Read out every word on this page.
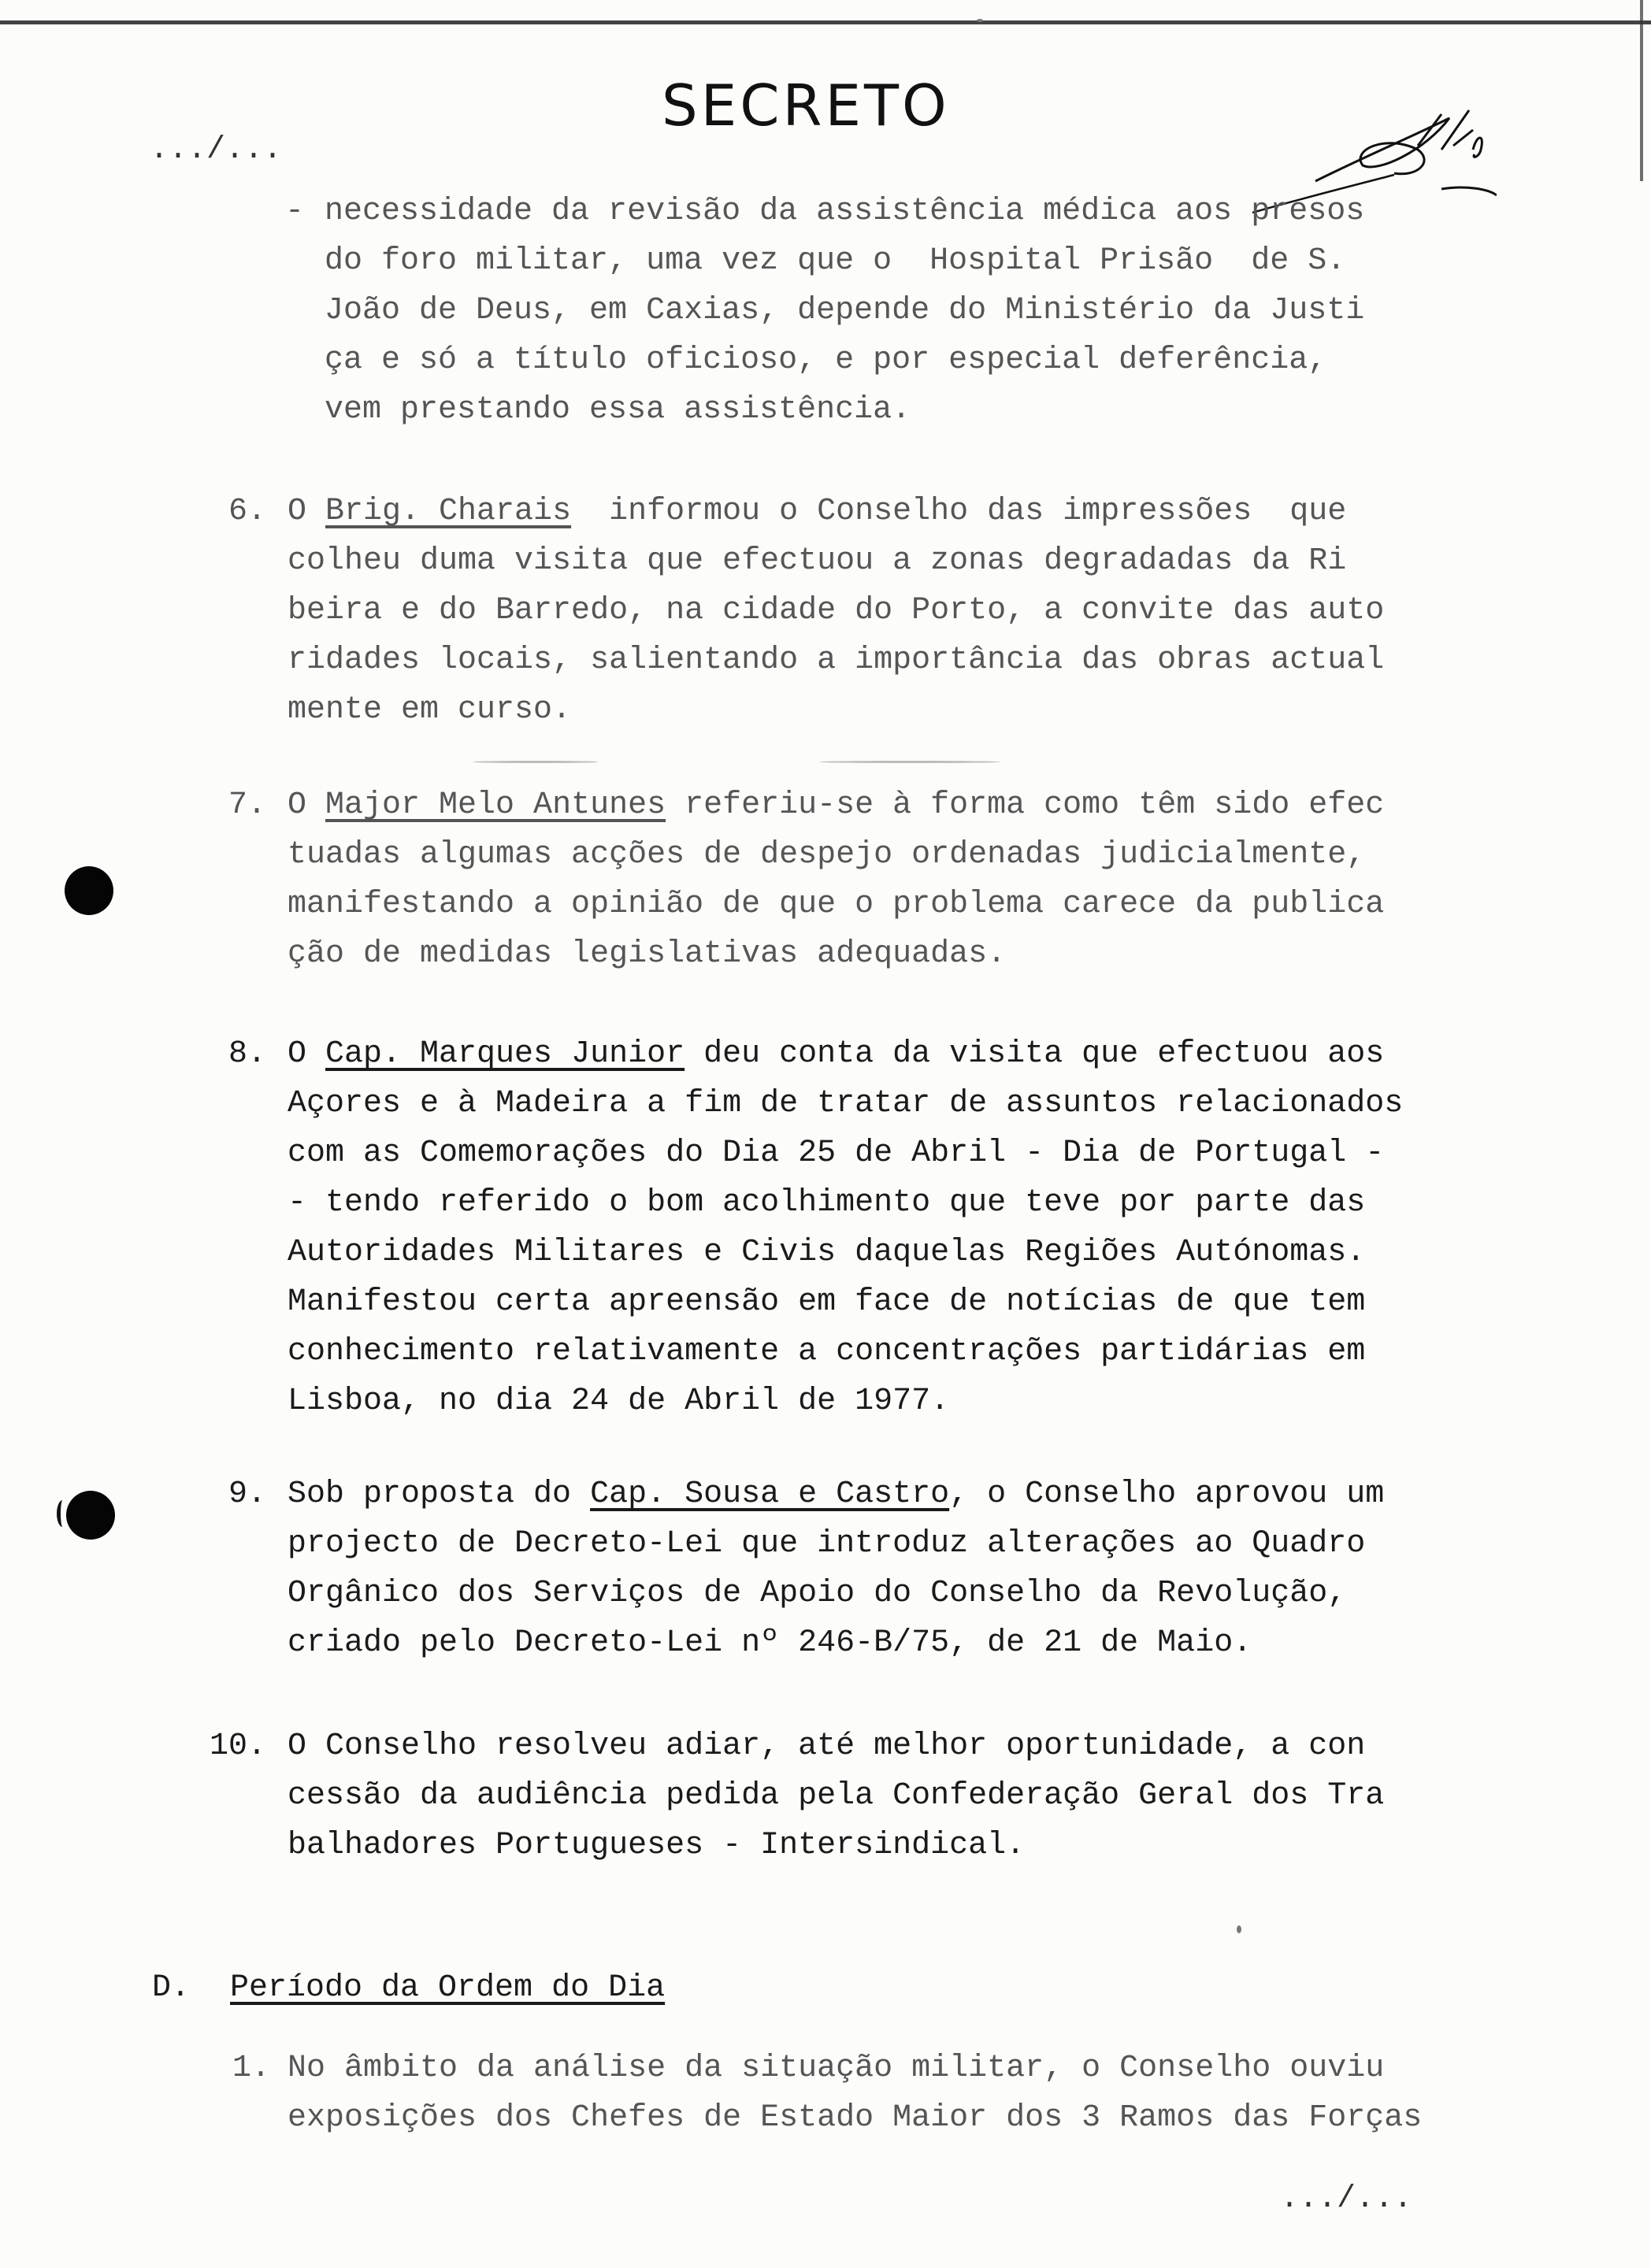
SECRETO
.../...
- necessidade da revisão da assistência médica aos presos
do foro militar, uma vez que o  Hospital Prisão  de S.
João de Deus, em Caxias, depende do Ministério da Justi
ça e só a título oficioso, e por especial deferência,
vem prestando essa assistência.
6. O Brig. Charais  informou o Conselho das impressões  que
colheu duma visita que efectuou a zonas degradadas da Ri
beira e do Barredo, na cidade do Porto, a convite das auto
ridades locais, salientando a importância das obras actual
mente em curso.
7. O Major Melo Antunes referiu-se à forma como têm sido efec
tuadas algumas acções de despejo ordenadas judicialmente,
manifestando a opinião de que o problema carece da publica
ção de medidas legislativas adequadas.
8. O Cap. Marques Junior deu conta da visita que efectuou aos
Açores e à Madeira a fim de tratar de assuntos relacionados
com as Comemorações do Dia 25 de Abril - Dia de Portugal -
- tendo referido o bom acolhimento que teve por parte das
Autoridades Militares e Civis daquelas Regiões Autónomas.
Manifestou certa apreensão em face de notícias de que tem
conhecimento relativamente a concentrações partidárias em
Lisboa, no dia 24 de Abril de 1977.
9. Sob proposta do Cap. Sousa e Castro, o Conselho aprovou um
projecto de Decreto-Lei que introduz alterações ao Quadro
Orgânico dos Serviços de Apoio do Conselho da Revolução,
criado pelo Decreto-Lei nº 246-B/75, de 21 de Maio.
10. O Conselho resolveu adiar, até melhor oportunidade, a con
cessão da audiência pedida pela Confederação Geral dos Tra
balhadores Portugueses - Intersindical.
D. Período da Ordem do Dia
1. No âmbito da análise da situação militar, o Conselho ouviu
exposições dos Chefes de Estado Maior dos 3 Ramos das Forças
.../...
